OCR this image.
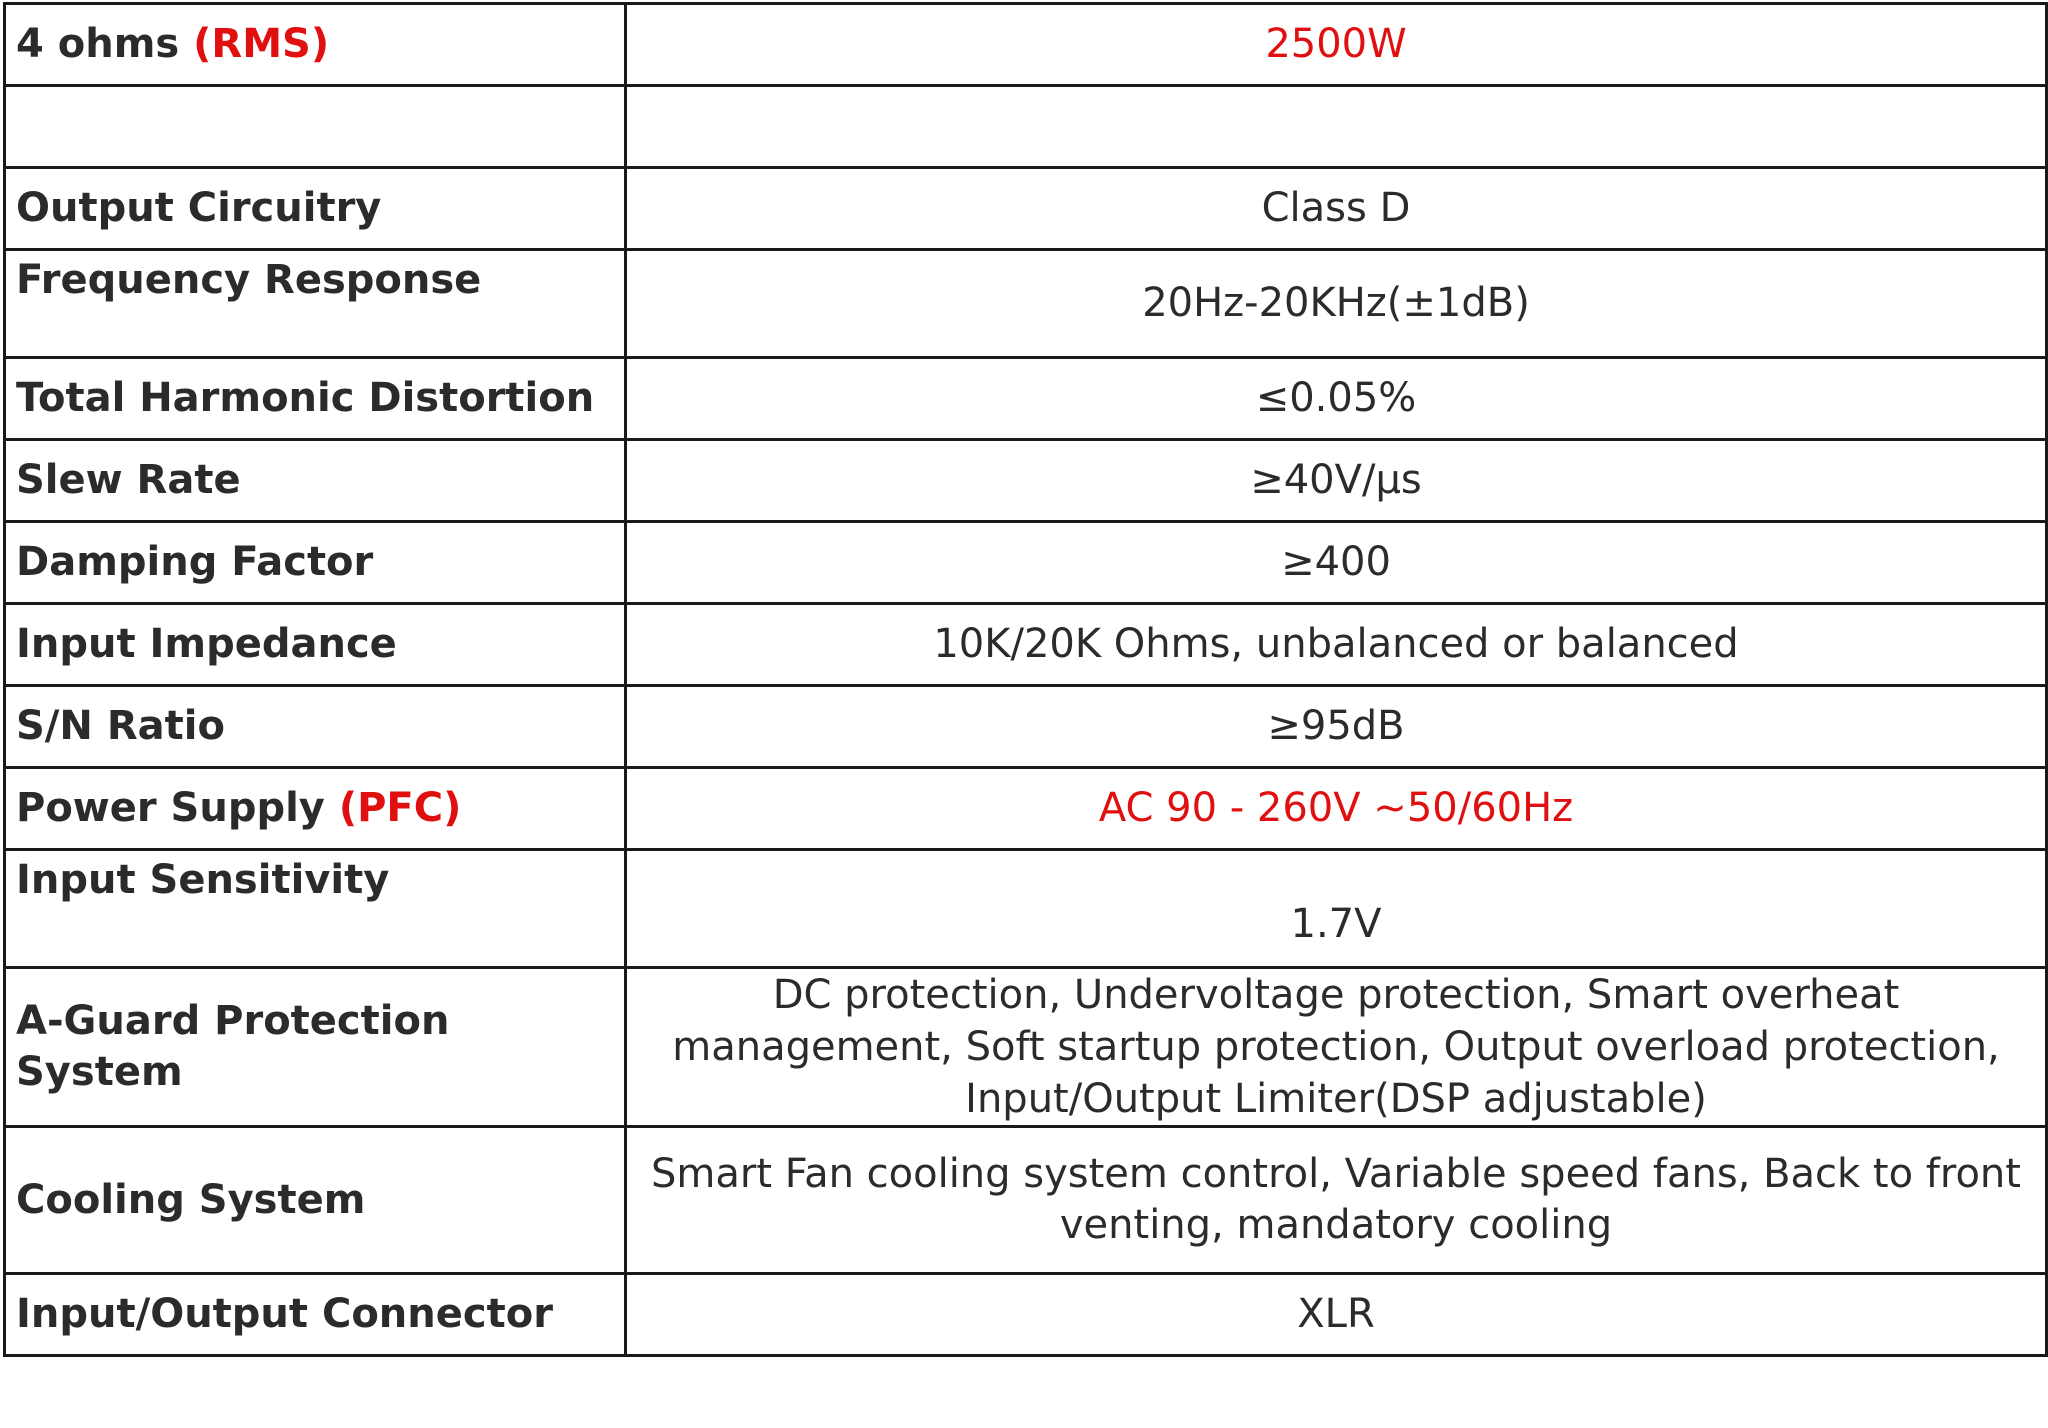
4 ohms (RMS)	2500W

Output Circuitry	Class D
Frequency Response	20Hz-20KHz(±1dB)
Total Harmonic Distortion	≤0.05%
Slew Rate	≥40V/μs
Damping Factor	≥400
Input Impedance	10K/20K Ohms, unbalanced or balanced
S/N Ratio	≥95dB
Power Supply (PFC)	AC 90 - 260V ~50/60Hz
Input Sensitivity	1.7V
A-Guard Protection System	DC protection, Undervoltage protection, Smart overheat management, Soft startup protection, Output overload protection, Input/Output Limiter(DSP adjustable)
Cooling System	Smart Fan cooling system control, Variable speed fans, Back to front venting, mandatory cooling
Input/Output Connector	XLR
